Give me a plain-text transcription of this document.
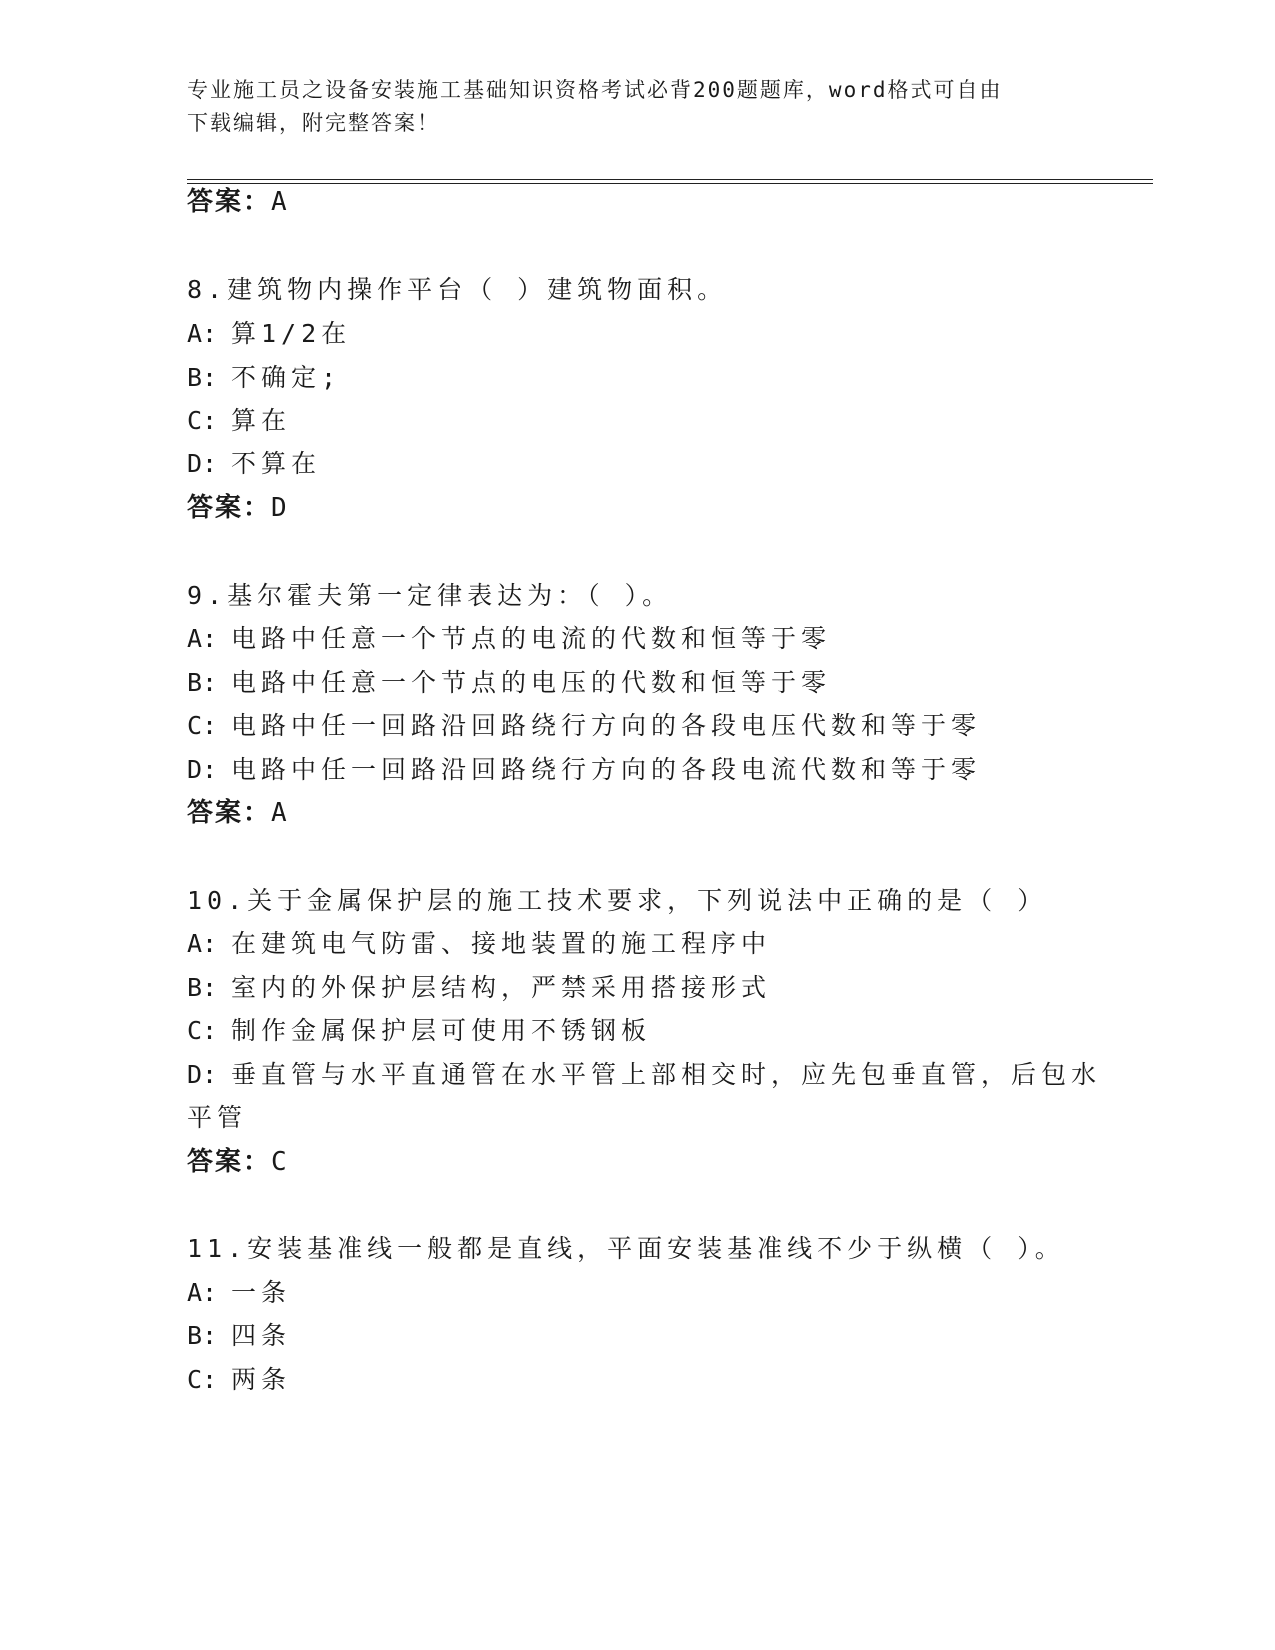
专业施工员之设备安装施工基础知识资格考试必背200题题库，word格式可自由
下载编辑，附完整答案！
答案：A
8.建筑物内操作平台（ ）建筑物面积。
A: 算1/2在
B: 不确定;
C: 算在
D: 不算在
答案：D
9.基尔霍夫第一定律表达为：（ ）。
A: 电路中任意一个节点的电流的代数和恒等于零
B: 电路中任意一个节点的电压的代数和恒等于零
C: 电路中任一回路沿回路绕行方向的各段电压代数和等于零
D: 电路中任一回路沿回路绕行方向的各段电流代数和等于零
答案：A
10.关于金属保护层的施工技术要求，下列说法中正确的是（ ）
A: 在建筑电气防雷、接地装置的施工程序中
B: 室内的外保护层结构，严禁采用搭接形式
C: 制作金属保护层可使用不锈钢板
D: 垂直管与水平直通管在水平管上部相交时，应先包垂直管，后包水
平管
答案：C
11.安装基准线一般都是直线，平面安装基准线不少于纵横（ ）。
A: 一条
B: 四条
C: 两条
